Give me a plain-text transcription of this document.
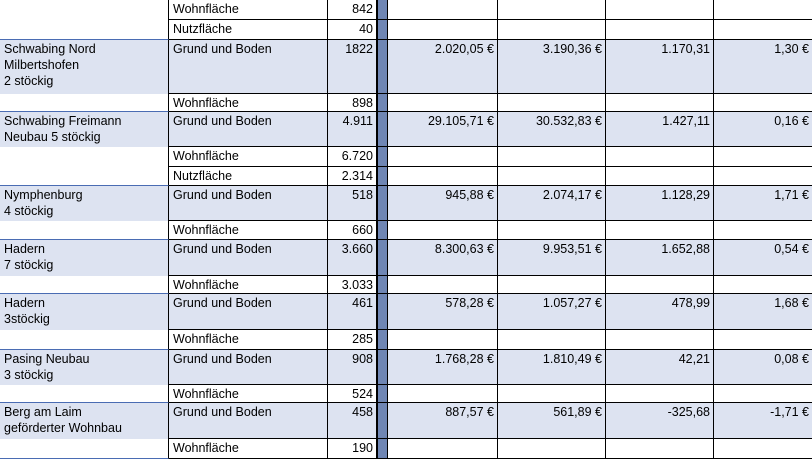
Wohnfläche	842
Nutzfläche	40
Schwabing Nord
Milbertshofen
2 stöckig
Grund und Boden	1822	2.020,05 €	3.190,36 €	1.170,31	1,30 €
Wohnfläche	898
Schwabing Freimann
Neubau 5 stöckig
Grund und Boden	4.911	29.105,71 €	30.532,83 €	1.427,11	0,16 €
Wohnfläche	6.720
Nutzfläche	2.314
Nymphenburg
4 stöckig
Grund und Boden	518	945,88 €	2.074,17 €	1.128,29	1,71 €
Wohnfläche	660
Hadern
7 stöckig
Grund und Boden	3.660	8.300,63 €	9.953,51 €	1.652,88	0,54 €
Wohnfläche	3.033
Hadern
3stöckig
Grund und Boden	461	578,28 €	1.057,27 €	478,99	1,68 €
Wohnfläche	285
Pasing Neubau
3 stöckig
Grund und Boden	908	1.768,28 €	1.810,49 €	42,21	0,08 €
Wohnfläche	524
Berg am Laim
geförderter Wohnbau
Grund und Boden	458	887,57 €	561,89 €	-325,68	-1,71 €
Wohnfläche	190
